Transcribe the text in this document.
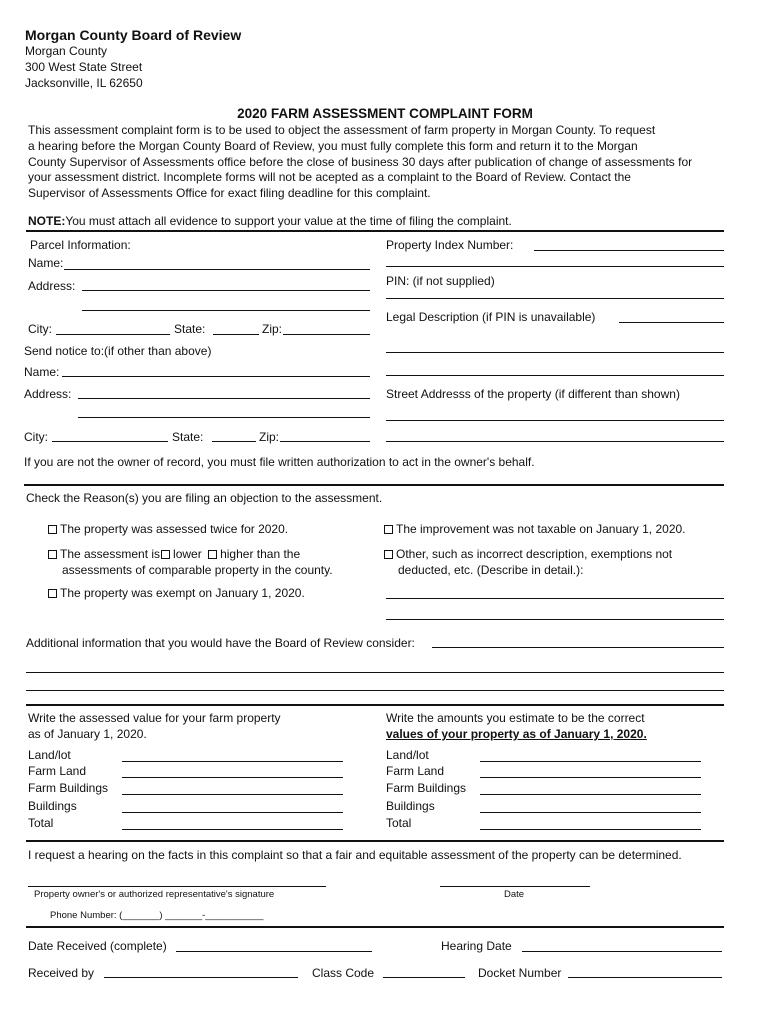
Morgan County Board of Review
Morgan County
300 West State Street
Jacksonville, IL 62650
2020 FARM ASSESSMENT COMPLAINT FORM
This assessment complaint form is to be used to object the assessment of farm property in Morgan County. To request
a hearing before the Morgan County Board of Review, you must fully complete this form and return it to the Morgan
County Supervisor of Assessments office before the close of business 30 days after publication of change of assessments for
your assessment district. Incomplete forms will not be acepted as a complaint to the Board of Review. Contact the
Supervisor of Assessments Office for exact filing deadline for this complaint.
NOTE:You must attach all evidence to support your value at the time of filing the complaint.
Parcel Information:
Name:
Address:
City:	State:	Zip:
Send notice to:(if other than above)
Name:
Address:
City:	State:	Zip:
Property Index Number:
PIN: (if not supplied)
Legal Description (if PIN is unavailable)
Street Addresss of the property (if different than shown)
If you are not the owner of record, you must file written authorization to act in the owner's behalf.
Check the Reason(s) you are filing an objection to the assessment.
The property was assessed twice for 2020.
The assessment is lower higher than the
assessments of comparable property in the county.
The property was exempt on January 1, 2020.
The improvement was not taxable on January 1, 2020.
Other, such as incorrect description, exemptions not
deducted, etc. (Describe in detail.):
Additional information that you would have the Board of Review consider:
Write the assessed value for your farm property
as of January 1, 2020.
Write the amounts you estimate to be the correct
values of your property as of January 1, 2020.
Land/lot
Farm Land
Farm Buildings
Buildings
Total
Land/lot
Farm Land
Farm Buildings
Buildings
Total
I request a hearing on the facts in this complaint so that a fair and equitable assessment of the property can be determined.
Property owner's or authorized representative's signature	Date
Phone Number: (_______) _______-___________
Date Received (complete)	Hearing Date
Received by	Class Code	Docket Number
